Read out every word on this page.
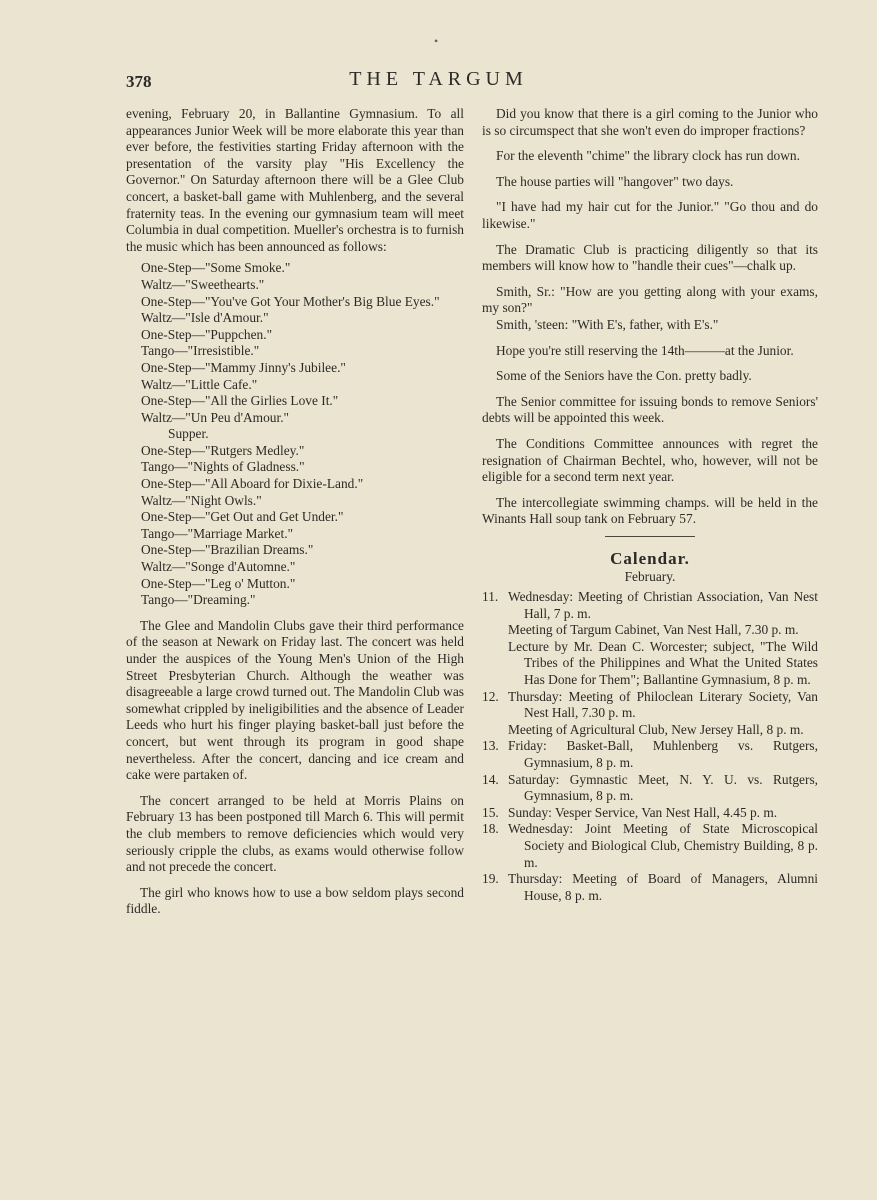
•
378	THE TARGUM

evening, February 20, in Ballantine Gymnasium. To all appearances Junior Week will be more elaborate this year than ever before, the festivities starting Friday afternoon with the presentation of the varsity play "His Excellency the Governor." On Saturday afternoon there will be a Glee Club concert, a basket-ball game with Muhlenberg, and the several fraternity teas. In the evening our gymnasium team will meet Columbia in dual competition. Mueller's orchestra is to furnish the music which has been announced as follows:

One-Step—"Some Smoke."
Waltz—"Sweethearts."
One-Step—"You've Got Your Mother's Big Blue Eyes."
Waltz—"Isle d'Amour."
One-Step—"Puppchen."
Tango—"Irresistible."
One-Step—"Mammy Jinny's Jubilee."
Waltz—"Little Cafe."
One-Step—"All the Girlies Love It."
Waltz—"Un Peu d'Amour."
Supper.
One-Step—"Rutgers Medley."
Tango—"Nights of Gladness."
One-Step—"All Aboard for Dixie-Land."
Waltz—"Night Owls."
One-Step—"Get Out and Get Under."
Tango—"Marriage Market."
One-Step—"Brazilian Dreams."
Waltz—"Songe d'Automne."
One-Step—"Leg o' Mutton."
Tango—"Dreaming."

The Glee and Mandolin Clubs gave their third performance of the season at Newark on Friday last. The concert was held under the auspices of the Young Men's Union of the High Street Presbyterian Church. Although the weather was disagreeable a large crowd turned out. The Mandolin Club was somewhat crippled by ineligibilities and the absence of Leader Leeds who hurt his finger playing basket-ball just before the concert, but went through its program in good shape nevertheless. After the concert, dancing and ice cream and cake were partaken of.

The concert arranged to be held at Morris Plains on February 13 has been postponed till March 6. This will permit the club members to remove deficiencies which would very seriously cripple the clubs, as exams would otherwise follow and not precede the concert.

The girl who knows how to use a bow seldom plays second fiddle.

Did you know that there is a girl coming to the Junior who is so circumspect that she won't even do improper fractions?

For the eleventh "chime" the library clock has run down.

The house parties will "hangover" two days.

"I have had my hair cut for the Junior." "Go thou and do likewise."

The Dramatic Club is practicing diligently so that its members will know how to "handle their cues"—chalk up.

Smith, Sr.: "How are you getting along with your exams, my son?"

Smith, 'steen: "With E's, father, with E's."

Hope you're still reserving the 14th———at the Junior.

Some of the Seniors have the Con. pretty badly.

The Senior committee for issuing bonds to remove Seniors' debts will be appointed this week.

The Conditions Committee announces with regret the resignation of Chairman Bechtel, who, however, will not be eligible for a second term next year.

The intercollegiate swimming champs. will be held in the Winants Hall soup tank on February 57.

Calendar.
February.
11. Wednesday: Meeting of Christian Association, Van Nest Hall, 7 p. m.
Meeting of Targum Cabinet, Van Nest Hall, 7.30 p. m.
Lecture by Mr. Dean C. Worcester; subject, "The Wild Tribes of the Philippines and What the United States Has Done for Them"; Ballantine Gymnasium, 8 p. m.
12. Thursday: Meeting of Philoclean Literary Society, Van Nest Hall, 7.30 p. m.
Meeting of Agricultural Club, New Jersey Hall, 8 p. m.
13. Friday: Basket-Ball, Muhlenberg vs. Rutgers, Gymnasium, 8 p. m.
14. Saturday: Gymnastic Meet, N. Y. U. vs. Rutgers, Gymnasium, 8 p. m.
15. Sunday: Vesper Service, Van Nest Hall, 4.45 p. m.
18. Wednesday: Joint Meeting of State Microscopical Society and Biological Club, Chemistry Building, 8 p. m.
19. Thursday: Meeting of Board of Managers, Alumni House, 8 p. m.
